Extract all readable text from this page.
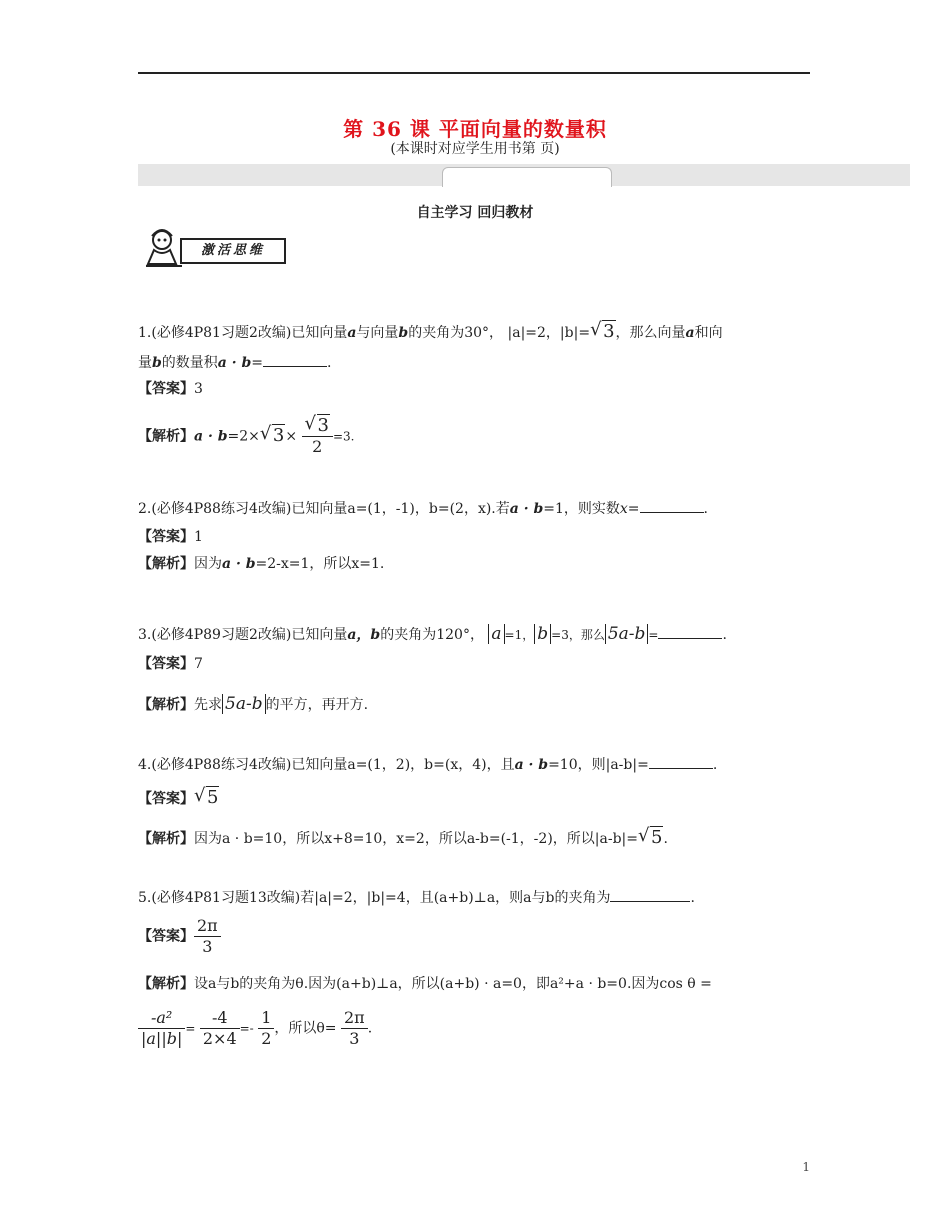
第 36 课 平面向量的数量积
(本课时对应学生用书第 页)
自主学习 回归教材
激活思维
1.(必修4P81习题2改编)已知向量a与向量b的夹角为30°， |a|=2，|b|= √ 3，那么向量a和向
量b的数量积a · b=	.
【答案】3
【解析】a · b=2× √ $3\times \frac{√ 3}{2} =3$.
2.(必修4P88练习4改编)已知向量a=(1，-1)，b=(2，x).若a · b=1，则实数x=	.
【答案】1
【解析】因为a · b=2-x=1，所以x=1.
3.(必修4P89习题2改编)已知向量a，b的夹角为120°， a =1， b =3，那么 5a-b =	.
【答案】7
【解析】先求 5a-b 的平方，再开方.
4.(必修4P88练习4改编)已知向量a=(1，2)，b=(x，4)，且a · b=10，则|a-b|=	.
【答案】 √ 5
【解析】因为a · b=10，所以x+8=10，x=2，所以a-b=(-1，-2)，所以|a-b|= √ 5.
5.(必修4P81习题13改编)若|a|=2，|b|=4，且(a+b)⊥a，则a与b的夹角为	.
【答案】 $\frac{2\pi}{3}$
【解析】设a与b的夹角为θ.因为(a+b)⊥a，所以(a+b) · a=0，即a²+a · b=0.因为cos θ =
$\frac{\text{-a²}}{|a||b|} = \frac{-4}{2\times 4} =- \frac{1}{2}$ ，所以$\theta= \frac{2\pi}{3}$ .
1
